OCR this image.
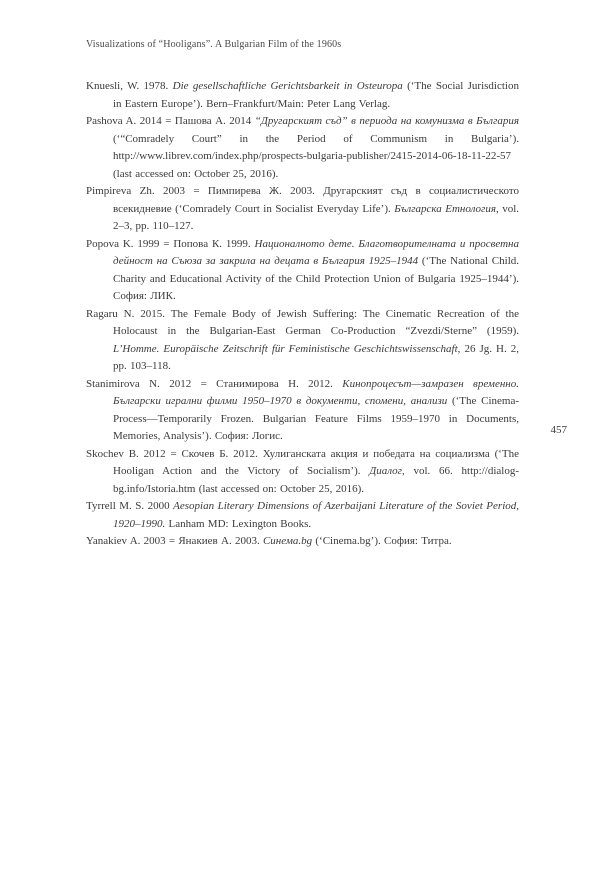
Visualizations of “Hooligans”. A Bulgarian Film of the 1960s

Knuesli, W. 1978. Die gesellschaftliche Gerichtsbarkeit in Osteuropa (‘The Social Jurisdiction in Eastern Europe’). Bern–Frankfurt/Main: Peter Lang Verlag.

Pashova A. 2014 = Пашова А. 2014 “Другарският съд” в периода на комунизма в България (‘“Comradely Court” in the Period of Communism in Bulgaria’). http://www.librev.com/index.php/prospects-bulgaria-publisher/2415-2014-06-18-11-22-57 (last accessed on: October 25, 2016).

Pimpireva Zh. 2003 = Пимпирева Ж. 2003. Другарският съд в социалистическото всекидневие (‘Comradely Court in Socialist Everyday Life’). Българска Етнология, vol. 2–3, pp. 110–127.

Popova K. 1999 = Попова К. 1999. Националното дете. Благотворителната и просветна дейност на Съюза за закрила на децата в България 1925–1944 (‘The National Child. Charity and Educational Activity of the Child Protection Union of Bulgaria 1925–1944’). София: ЛИК.

Ragaru N. 2015. The Female Body of Jewish Suffering: The Cinematic Recreation of the Holocaust in the Bulgarian-East German Co-Production “Zvezdi/Sterne” (1959). L’Homme. Europäische Zeitschrift für Feministische Geschichtswissenschaft, 26 Jg. H. 2, pp. 103–118.

Stanimirova N. 2012 = Станимирова Н. 2012. Кинопроцесът—замразен временно. Български игрални филми 1950–1970 в документи, спомени, анализи (‘The Cinema-Process—Temporarily Frozen. Bulgarian Feature Films 1959–1970 in Documents, Memories, Analysis’). София: Логис.

Skochev B. 2012 = Скочев Б. 2012. Хулиганската акция и победата на социализма (‘The Hooligan Action and the Victory of Socialism’). Диалог, vol. 66. http://dialog-bg.info/Istoria.htm (last accessed on: October 25, 2016).

Tyrrell M. S. 2000 Aesopian Literary Dimensions of Azerbaijani Literature of the Soviet Period, 1920–1990. Lanham MD: Lexington Books.

Yanakiev A. 2003 = Янакиев А. 2003. Синема.bg (‘Cinema.bg’). София: Титра.

457
